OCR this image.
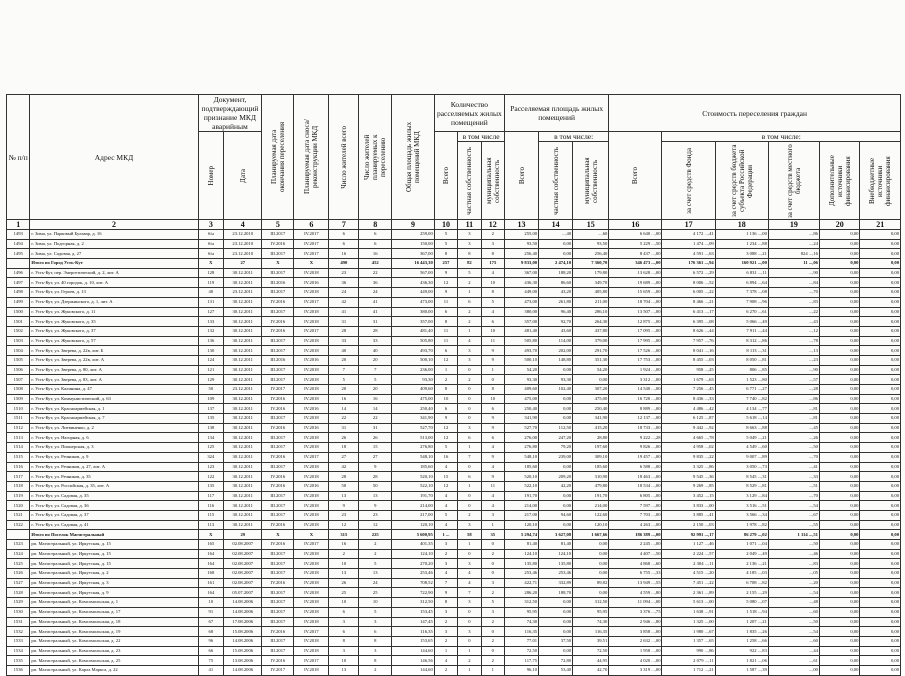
№ п/п	Адрес МКД	Документ, подтверждающий признание МКД аварийным		Планируемая дата окончания переселения	Планируемая дата сноса/реконструкции МКД	Число жителей всего	Число жителей планируемых к переселению	Общая площадь жилых помещений МКД	Количество расселяемых жилых помещений			Расселяемая площадь жилых помещений			Стоимость переселения граждан					

		Номер	Дата						Всего	в том числе		Всего	в том числе:		Всего	в том числе:				

										частная собственность	муниципальная собственность		частная собственность	муниципальная собственность		за счет средств Фонда	за счет средств бюджета субъекта Российской Федерации	за счет средств местного бюджета	Дополнительные источники финансирования	Внебюджетные источники финансирования

1	2	3	4	5	6	7	8	9	10	11	12	13	14	15	16	17	18	19	20	21
1493	г. Зима, ул. Парковый Бульвар, д. 16	б/н	23.12.2010	III.2017	IV.2017	6	6	259,00	5	3	2	255,00	...,40	...,60	6 640 ...,00	4 172 ...,41	1 136 ...,00	...,86	0,00	0,00
1494	г. Зима, ул. Подгорная, д. 2	б/н	23.12.2010	IV.2016	IV.2017	6	6	150,00	5	3	3	93,50	0,00	93,50	5 229 ...,50	1 474 ...,09	1 234 ...,88	...,24	0,00	0,00
1495	г. Зима, ул. Садовая, д. 27	б/н	23.12.2010	III.2017	IV.2017	16	16	367,00	8	8	8	256,40	0,00	256,40	8 437 ...,00	4 591 ...,63	3 088 ...,21	824 ...,16	0,00	0,00
	Итого по Город Усть-Кут	Х	27	Х	Х	490	452	16 443,30	257	82	175	9 833,00	2 474,10	7 360,70	346 473 ...,00	176 361 ...,94	160 921 ...,00	11 ...,06	0,00	0,00
1496	г. Усть-Кут, пер. Энергетический, д. 2, лит. А	128	30.12.2011	III.2017	IV.2018	23	22	567,00	9	5	4	367,00	188,20	179,80	13 628 ...,00	6 572 ...,29	6 831 ...,11	...,90	0,00	0,00
1497	г. Усть-Кут, ул. 40 городок, д. 10, лит. А	119	30.12.2011	III.2016	IV.2016	36	36	436,30	12	2	10	436,30	86,60	349,70	19 689 ...,00	8 006 ...,52	6 894 ...,64	...,84	0,00	0,00
1498	г. Усть-Кут, ул. Героев, д. 13	40	23.12.2011	III.2017	IV.2018	24	24	449,00	9	1	8	449,00	43,20	405,80	15 659 ...,00	6 005 ...,22	7 378 ...,08	...,70	0,00	0,00
1499	г. Усть-Кут, ул. Дзержинского, д. 1, лит. А	131	30.12.2011	IV.2016	IV.2017	42	41	473,00	11	6	5	473,00	261,80	211,00	18 704 ...,00	8 466 ...,21	7 908 ...,96	...,83	0,00	0,00
1500	г. Усть-Кут, ул. Жуковского, д. 11	127	30.12.2011	III.2017	IV.2018	41	41	380,00	6	2	4	380,00	96,40	286,10	13 507 ...,00	6 413 ...,17	6 270 ...,61	...,22	0,00	0,00
1501	г. Усть-Кут, ул. Жуковского, д. 35	133	30.12.2011	IV.2016	IV.2018	31	31	357,00	8	2	6	357,00	92,70	264,30	12 875 ...,00	6 395 ...,08	5 066 ...,49	...,43	0,00	0,00
1502	г. Усть-Кут, ул. Жуковского, д. 37	132	30.12.2011	IV.2016	IV.2017	28	28	481,40	11	1	10	481,40	43,60	437,80	17 095 ...,00	8 626 ...,44	7 911 ...,44	...,12	0,00	0,00
1503	г. Усть-Кут, ул. Жуковского, д. 57	136	30.12.2011	III.2017	IV.2018	33	33	505,80	11	4	11	505,80	114,00	379,00	17 995 ...,00	7 957 ...,76	8 312 ...,86	...,78	0,00	0,00
1504	г. Усть-Кут, ул. Зверева, д. 22в, лит. Б	130	30.12.2011	III.2017	IV.2018	40	40	493,70	6	3	9	493,70	202,00	291,70	17 526 ...,00	8 041 ...,16	8 113 ...,31	...,13	0,00	0,00
1505	г. Усть-Кут, ул. Зверева, д. 22в, лит. А	124	30.12.2011	III.2016	IV.2016	20	20	500,10	12	3	9	500,10	148,80	351,30	17 753 ...,00	8 455 ...,03	8 050 ...,81	...,23	0,00	0,00
1506	г. Усть-Кут, ул. Зверева, д. 80, лит. А	121	30.12.2011	III.2017	IV.2018	7	7	236,00	1	0	1	54,20	0,00	54,20	1 924 ...,00	958 ...,25	806 ...,85	...,90	0,00	0,00
1507	г. Усть-Кут, ул. Зверева, д. 83, лит. А	129	30.12.2011	III.2017	IV.2018	5	5	93,30	2	2	0	93,30	93,30	0,00	3 312 ...,00	1 679 ...,63	1 523 ...,80	...,57	0,00	0,00
1508	г. Усть-Кут, ул. Калинина, д. 47	50	23.12.2011	IV.2017	IV.2018	20	20	409,60	8	0	8	409,60	102,40	307,20	14 540 ...,00	7 256 ...,45	6 771 ...,27	...,28	0,00	0,00
1509	г. Усть-Кут, ул. Коммунистический, д. 63	109	30.12.2011	IV.2016	IV.2018	16	16	475,00	10	0	10	475,00	0,00	475,00	16 720 ...,00	8 436 ...,33	7 740 ...,82	...,86	0,00	0,00
1510	г. Усть-Кут, ул. Красноармейская, д. 1	137	30.12.2011	IV.2016	IV.2016	14	14	250,40	6	0	6	250,40	0,00	250,40	8 889 ...,00	4 486 ...,42	4 134 ...,77	...,81	0,00	0,00
1511	г. Усть-Кут, ул. Красноармейская, д. 7	135	30.12.2011	III.2017	IV.2018	22	22	341,90	9	0	9	341,90	0,00	341,90	12 137 ...,00	6 125 ...,87	5 618 ...,14	...,81	0,00	0,00
1512	г. Усть-Кут, ул. Литвиненко, д. 2	138	30.12.2011	IV.2016	IV.2016	31	31	527,70	12	3	9	527,70	112,50	415,20	18 733 ...,00	9 442 ...,92	8 663 ...,88	...,45	0,00	0,00
1513	г. Усть-Кут, ул. Нагорная, д. 6	134	30.12.2011	III.2017	IV.2018	26	26	513,00	12	6	6	276,00	247,20	28,80	9 222 ...,28	4 665 ...,78	5 049 ...,21	...,26	0,00	0,00
1514	г. Усть-Кут, ул. Пионерская, д. 3	125	30.12.2011	III.2017	IV.2018	18	15	276,80	5	1	4	276,80	79,20	197,60	9 826 ...,00	4 958 ...,02	4 549 ...,60	...,50	0,00	0,00
1515	г. Усть-Кут, ул. Речников, д. 9	324	30.12.2011	IV.2016	IV.2017	27	27	548,10	16	7	9	548,10	239,00	309,10	19 457 ...,00	9 835 ...,22	9 007 ...,89	...,70	0,00	0,00
1516	г. Усть-Кут, ул. Речников, д. 27, лит. А	123	30.12.2011	III.2017	IV.2018	42	9	185,60	4	0	4	185,60	0,00	185,60	6 588 ...,00	3 325 ...,86	3 050 ...,73	...,41	0,00	0,00
1517	г. Усть-Кут, ул. Речников, д. 35	122	30.12.2011	IV.2016	IV.2018	28	28	520,10	15	6	9	520,10	209,20	310,90	18 463 ...,00	9 545 ...,36	8 545 ...,31	...,33	0,00	0,00
1518	г. Усть-Кут, ул. Российская, д. 35, лит. А	135	30.12.2011	IV.2016	IV.2016	50	50	522,10	12	1	11	522,10	42,20	479,80	18 534 ...,00	9 269 ...,85	8 529 ...,81	...,51	0,00	0,00
1519	г. Усть-Кут, ул. Садовая, д. 35	117	30.12.2011	III.2017	IV.2018	13	13	191,70	4	0	4	191,70	0,00	191,70	6 805 ...,00	3 452 ...,15	3 129 ...,84	...,70	0,00	0,00
1520	г. Усть-Кут, ул. Садовая, д. 36	116	30.12.2011	III.2017	IV.2018	9	9	214,00	4	0	4	214,00	0,00	214,00	7 597 ...,00	3 833 ...,00	3 516 ...,51	...,54	0,00	0,00
1521	г. Усть-Кут, ул. Садовая, д. 37	115	30.12.2011	III.2017	IV.2018	23	23	217,00	5	2	3	217,00	94,60	122,60	7 703 ...,00	3 885 ...,41	3 566 ...,34	...,67	0,00	0,00
1522	г. Усть-Кут, ул. Садовая, д. 41	113	30.12.2011	IV.2016	IV.2018	12	12	120,10	4	3	1	120,10	0,00	120,10	4 263 ...,00	2 150 ...,03	1 978 ...,82	...,55	0,00	0,00
	Итого по Поселок Магистральный	Х	29	Х	Х	315	225	5 600,95	1 ...	58	35	5 294,74	3 627,08	1 667,66	186 389 ...,00	92 991 ...,17	86 279 ...,02	1 114 ...,51	0,00	0,00
1523	рп. Магистральный, ул. Иркутская, д. 15	165	02.08.2007	IV.2016	IV.2017	16	2	401,35	3	1	0	81,40	81,40	0,00	2 245 ...,00	1 127 ...,46	1 071 ...,04	...,50	0,00	0,00
1524	рп. Магистральный, ул. Иркутская, д. 15	164	02.08.2007	III.2017	IV.2018	2	2	124,10	2	0	2	124,10	124,10	0,00	4 407 ...,50	2 224 ...,57	2 049 ...,49	...,46	0,00	0,00
1525	рп. Магистральный, ул. Иркутская, д. 15	164	02.08.2007	III.2017	IV.2018	10	5	270,20	3	3	0	135,80	135,80	0,00	4 868 ...,60	2 304 ...,11	2 136 ...,21	...,83	0,00	0,00
1526	рп. Магистральный, ул. Иркутская, д. 2	168	02.08.2007	III.2017	IV.2018	13	13	253,46	4	4	0	253,46	253,46	0,00	6 755 ...,33	4 515 ...,20	4 185 ...,03	...,05	0,00	0,00
1527	рп. Магистральный, ул. Иркутская, д. 3	161	02.08.2007	IV.2016	IV.2018	26	24	708,52	7	4	3	422,71	332,89	89,82	13 949 ...,55	7 451 ...,22	6 708 ...,82	...,20	0,00	0,00
1528	рп. Магистральный, ул. Иркутская, д. 9	164	05.07.2007	III.2017	IV.2018	25	25	722,90	9	7	2	286,20	188,70	0,00	4 559 ...,80	2 361 ...,89	2 155 ...,29	...,54	0,00	0,00
1529	рп. Магистральный, ул. Комсомольская, д. 1	10	14.08.2006	III.2017	IV.2018	10	10	312,50	8	3	5	312,50	0,00	312,50	11 094 ...,00	5 613 ...,00	5 080 ...,07	...,48	0,00	0,00
1530	рп. Магистральный, ул. Комсомольская, д. 17	91	14.08.2006	III.2017	IV.2018	6	5	153,45	3	0	3	95,95	0,00	95,95	3 376 ...,75	1 638 ...,91	1 518 ...,94	...,60	0,00	0,00
1531	рп. Магистральный, ул. Комсомольская, д. 18	67	17.08.2006	III.2017	IV.2018	3	3	147,45	2	0	2	74,30	0,00	74,30	2 946 ...,80	1 325 ...,00	1 207 ...,21	...,50	0,00	0,00
1532	рп. Магистральный, ул. Комсомольская, д. 19	68	15.08.2006	IV.2016	IV.2017	6	6	116,35	3	3	0	116,35	0,00	116,35	3 858 ...,00	1 980 ...,67	1 835 ...,26	...,54	0,00	0,00
1533	рп. Магистральный, ул. Комсомольская, д. 22	96	14.08.2006	III.2017	IV.2018	8	8	153,65	2	0	2	77,01	37,50	39,51	2 632 ...,00	1 357 ...,65	1 258 ...,66	...,60	0,00	0,00
1534	рп. Магистральный, ул. Комсомольская, д. 23	66	15.08.2006	III.2017	IV.2018	3	3	144,60	1	1	0	72,50	0,00	72,50	1 958 ...,00	990 ...,86	922 ...,83	...,44	0,00	0,00
1535	рп. Магистральный, ул. Комсомольская, д. 25	75	13.08.2006	IV.2016	IV.2017	10	8	146,56	4	2	2	117,75	72,80	44,95	4 020 ...,00	2 079 ...,11	1 821 ...,06	...,61	0,00	0,00
1536	рп. Магистральный, ул. Карла Маркса, д. 22	41	14.08.2006	IV.2017	IV.2018	13	2	144,60	2	1	1	96,10	53,40	42,70	3 319 ...,00	1 712 ...,21	1 587 ...,39	...,00	0,00	0,00
